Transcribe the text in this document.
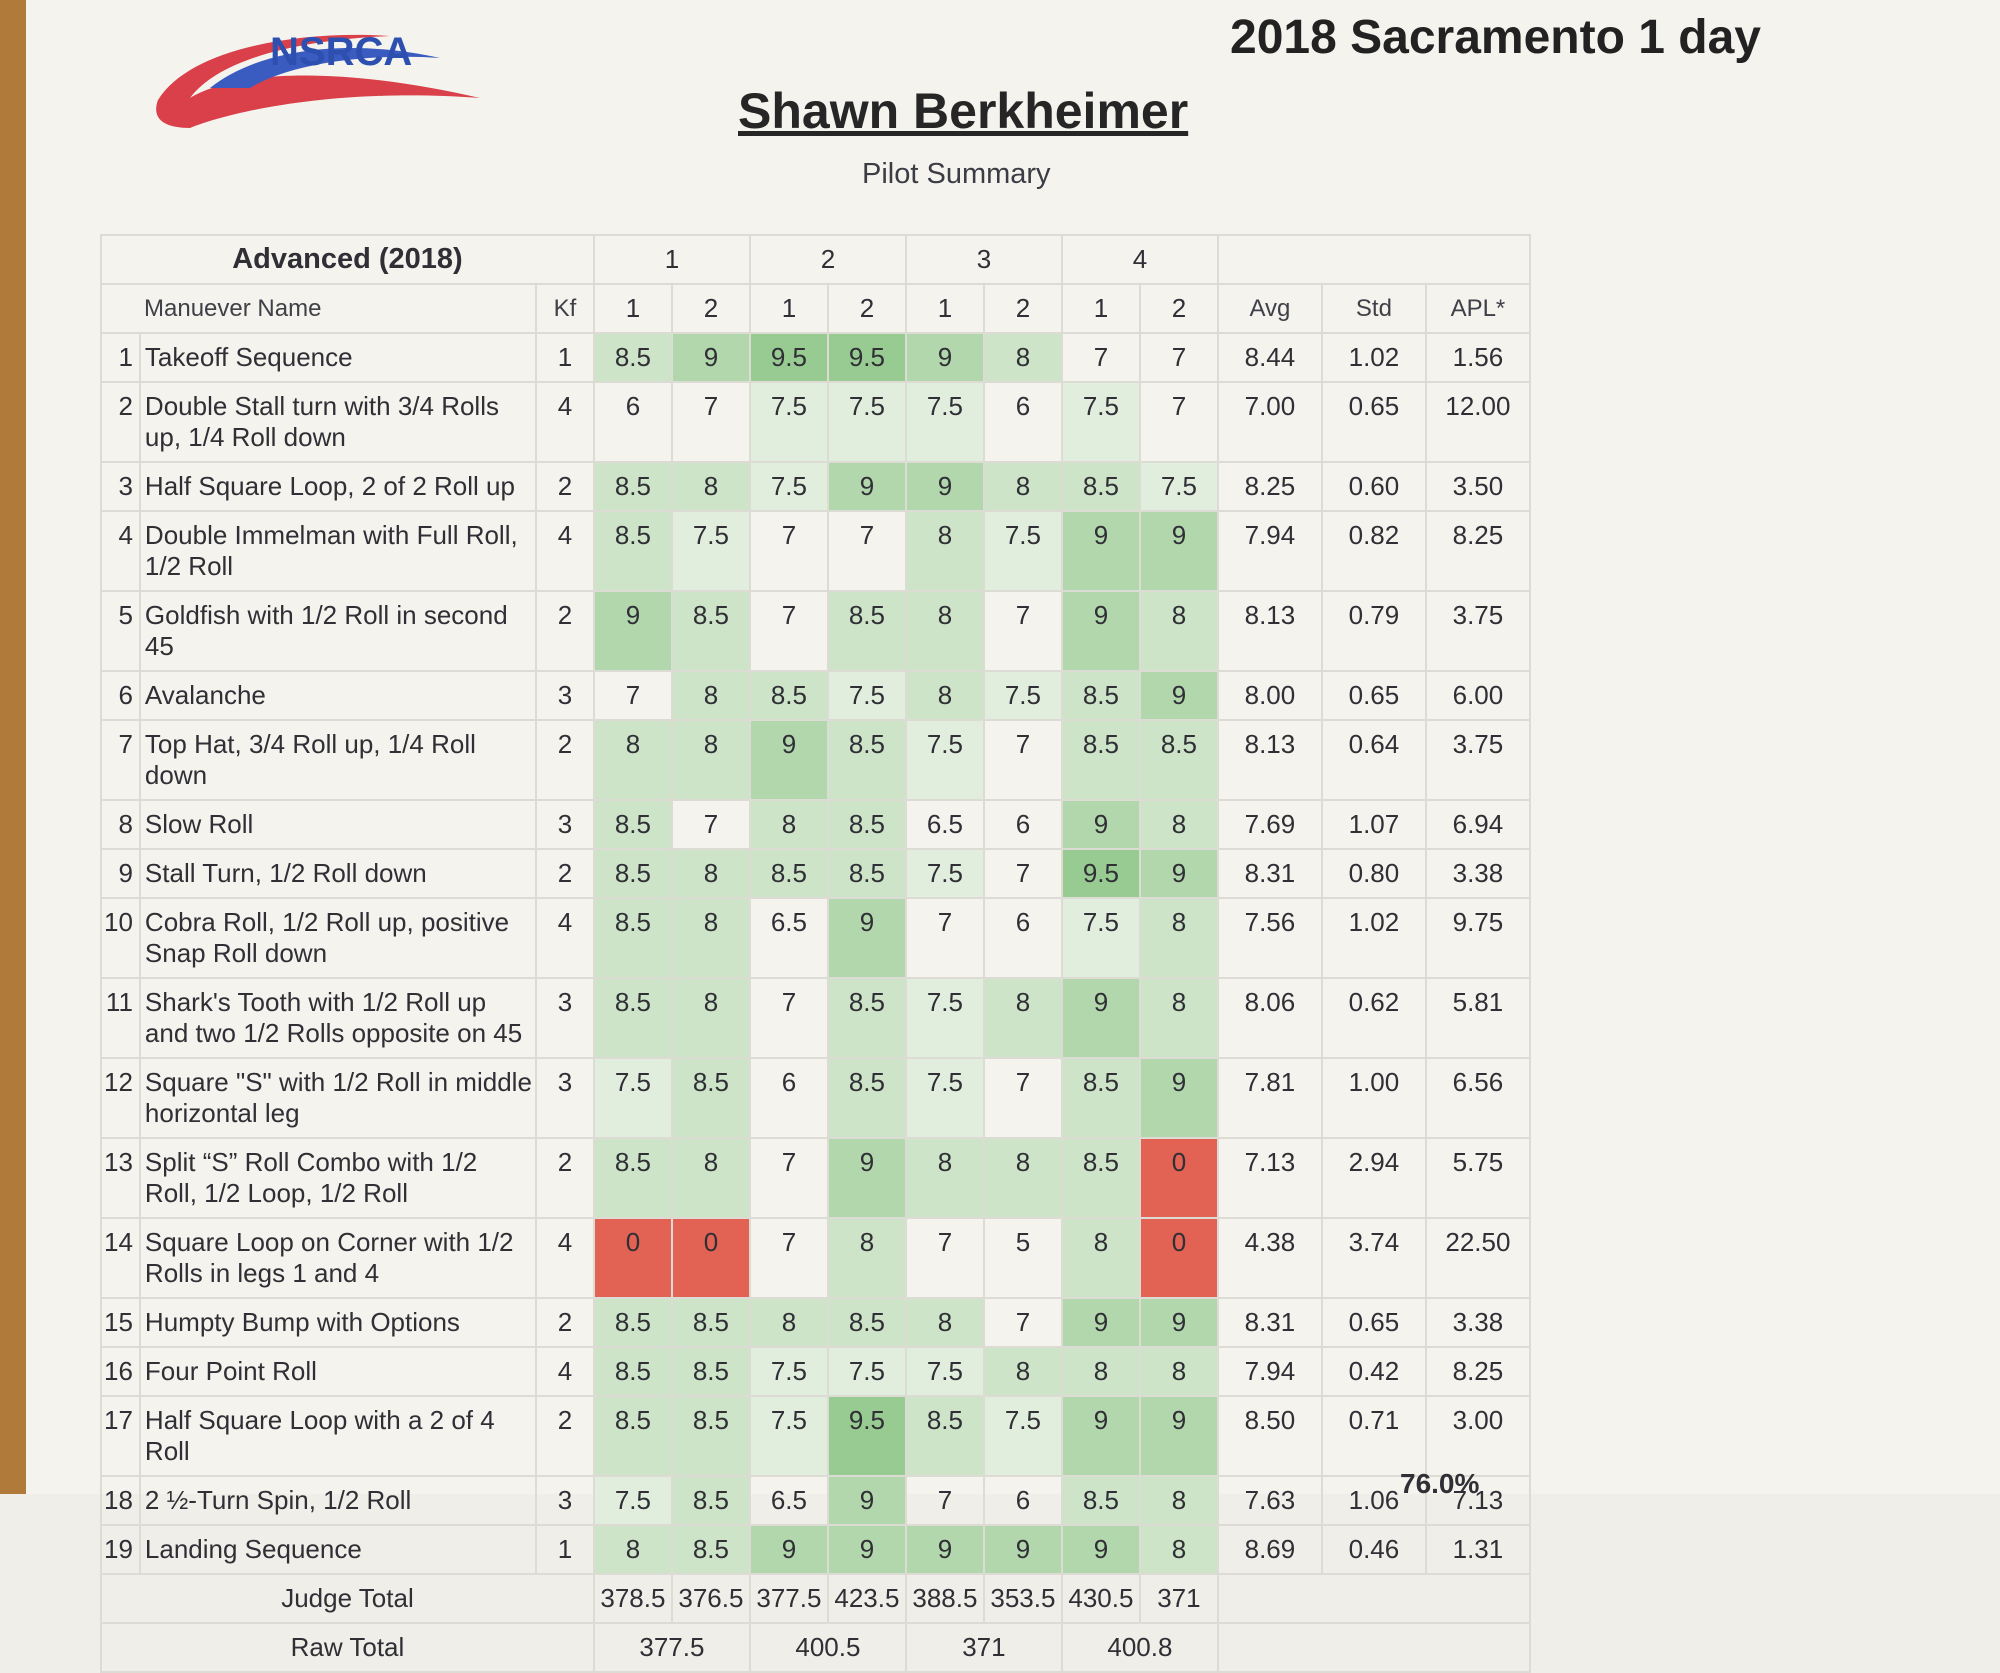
NSRCA	2018 Sacramento 1 day
Shawn Berkheimer
Pilot Summary
Advanced (2018)			1		2		3		4				
Manuever Name		Kf	1	2	1	2	1	2	1	2	Avg	Std	APL*
1	Takeoff Sequence	1	8.5	9	9.5	9.5	9	8	7	7	8.44	1.02	1.56
2	Double Stall turn with 3/4 Rolls up, 1/4 Roll down	4	6	7	7.5	7.5	7.5	6	7.5	7	7.00	0.65	12.00
3	Half Square Loop, 2 of 2 Roll up	2	8.5	8	7.5	9	9	8	8.5	7.5	8.25	0.60	3.50
4	Double Immelman with Full Roll, 1/2 Roll	4	8.5	7.5	7	7	8	7.5	9	9	7.94	0.82	8.25
5	Goldfish with 1/2 Roll in second 45	2	9	8.5	7	8.5	8	7	9	8	8.13	0.79	3.75
6	Avalanche	3	7	8	8.5	7.5	8	7.5	8.5	9	8.00	0.65	6.00
7	Top Hat, 3/4 Roll up, 1/4 Roll down	2	8	8	9	8.5	7.5	7	8.5	8.5	8.13	0.64	3.75
8	Slow Roll	3	8.5	7	8	8.5	6.5	6	9	8	7.69	1.07	6.94
9	Stall Turn, 1/2 Roll down	2	8.5	8	8.5	8.5	7.5	7	9.5	9	8.31	0.80	3.38
10	Cobra Roll, 1/2 Roll up, positive Snap Roll down	4	8.5	8	6.5	9	7	6	7.5	8	7.56	1.02	9.75
11	Shark's Tooth with 1/2 Roll up and two 1/2 Rolls opposite on 45	3	8.5	8	7	8.5	7.5	8	9	8	8.06	0.62	5.81
12	Square "S" with 1/2 Roll in middle horizontal leg	3	7.5	8.5	6	8.5	7.5	7	8.5	9	7.81	1.00	6.56
13	Split “S” Roll Combo with 1/2 Roll, 1/2 Loop, 1/2 Roll	2	8.5	8	7	9	8	8	8.5	0	7.13	2.94	5.75
14	Square Loop on Corner with 1/2 Rolls in legs 1 and 4	4	0	0	7	8	7	5	8	0	4.38	3.74	22.50
15	Humpty Bump with Options	2	8.5	8.5	8	8.5	8	7	9	9	8.31	0.65	3.38
16	Four Point Roll	4	8.5	8.5	7.5	7.5	7.5	8	8	8	7.94	0.42	8.25
17	Half Square Loop with a 2 of 4 Roll	2	8.5	8.5	7.5	9.5	8.5	7.5	9	9	8.50	0.71	3.00
18	2 ½-Turn Spin, 1/2 Roll	3	7.5	8.5	6.5	9	7	6	8.5	8	7.63	1.06	7.13
19	Landing Sequence	1	8	8.5	9	9	9	9	9	8	8.69	0.46	1.31
Judge Total			378.5	376.5	377.5	423.5	388.5	353.5	430.5	371			
Raw Total			377.5		400.5		371		400.8				
76.0%
